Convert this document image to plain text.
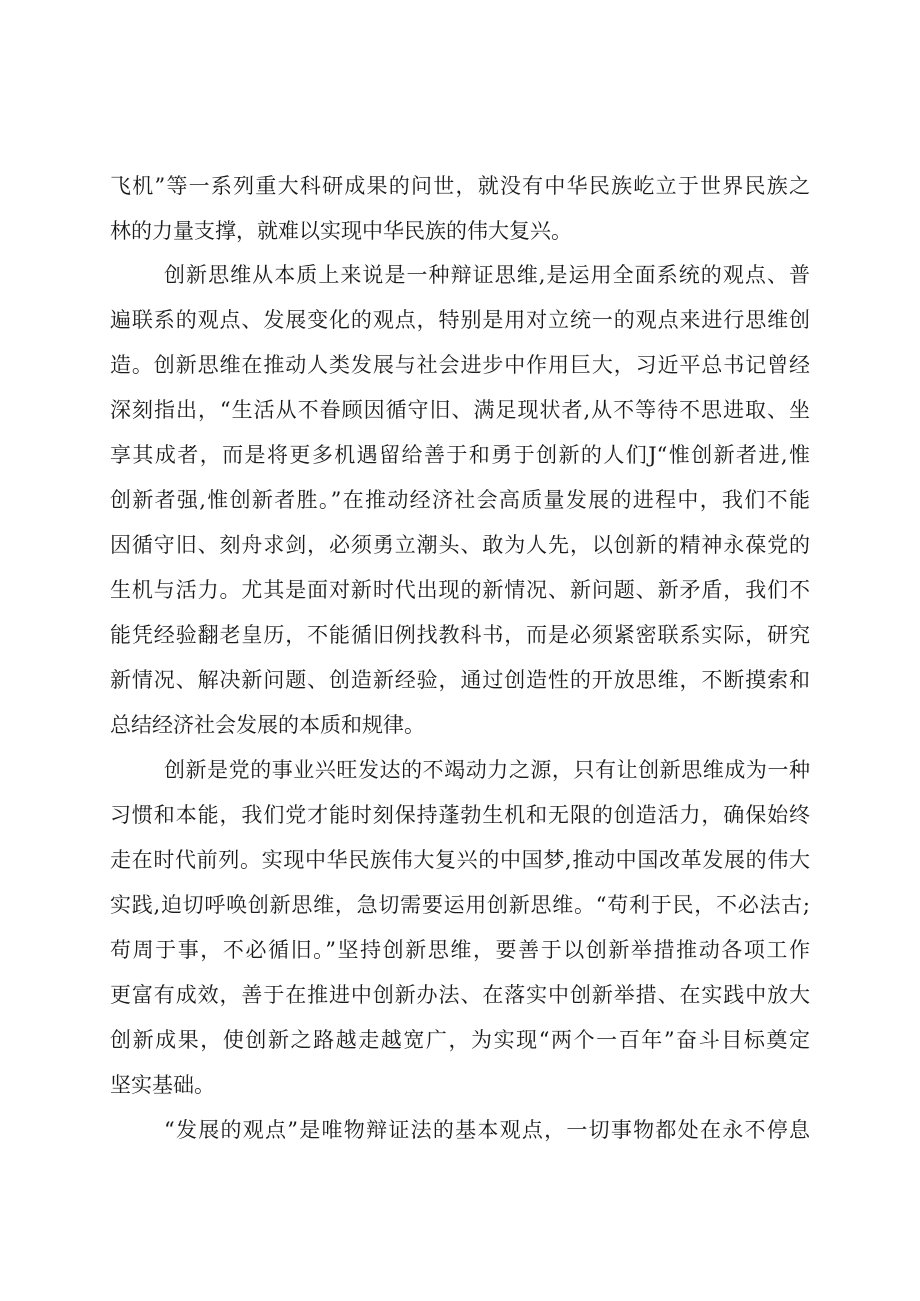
飞机”等一系列重大科研成果的问世，就没有中华民族屹立于世界民族之
林的力量支撑，就难以实现中华民族的伟大复兴。
创新思维从本质上来说是一种辩证思维,是运用全面系统的观点、普
遍联系的观点、发展变化的观点，特别是用对立统一的观点来进行思维创
造。创新思维在推动人类发展与社会进步中作用巨大，习近平总书记曾经
深刻指出，“生活从不眷顾因循守旧、满足现状者,从不等待不思进取、坐
享其成者，而是将更多机遇留给善于和勇于创新的人们J“惟创新者进,惟
创新者强,惟创新者胜。”在推动经济社会高质量发展的进程中，我们不能
因循守旧、刻舟求剑，必须勇立潮头、敢为人先，以创新的精神永葆党的
生机与活力。尤其是面对新时代出现的新情况、新问题、新矛盾，我们不
能凭经验翻老皇历，不能循旧例找教科书，而是必须紧密联系实际，研究
新情况、解决新问题、创造新经验，通过创造性的开放思维，不断摸索和
总结经济社会发展的本质和规律。
创新是党的事业兴旺发达的不竭动力之源，只有让创新思维成为一种
习惯和本能，我们党才能时刻保持蓬勃生机和无限的创造活力，确保始终
走在时代前列。实现中华民族伟大复兴的中国梦,推动中国改革发展的伟大
实践,迫切呼唤创新思维，急切需要运用创新思维。“苟利于民，不必法古;
苟周于事，不必循旧。”坚持创新思维，要善于以创新举措推动各项工作
更富有成效，善于在推进中创新办法、在落实中创新举措、在实践中放大
创新成果，使创新之路越走越宽广，为实现“两个一百年”奋斗目标奠定
坚实基础。
“发展的观点”是唯物辩证法的基本观点，一切事物都处在永不停息
